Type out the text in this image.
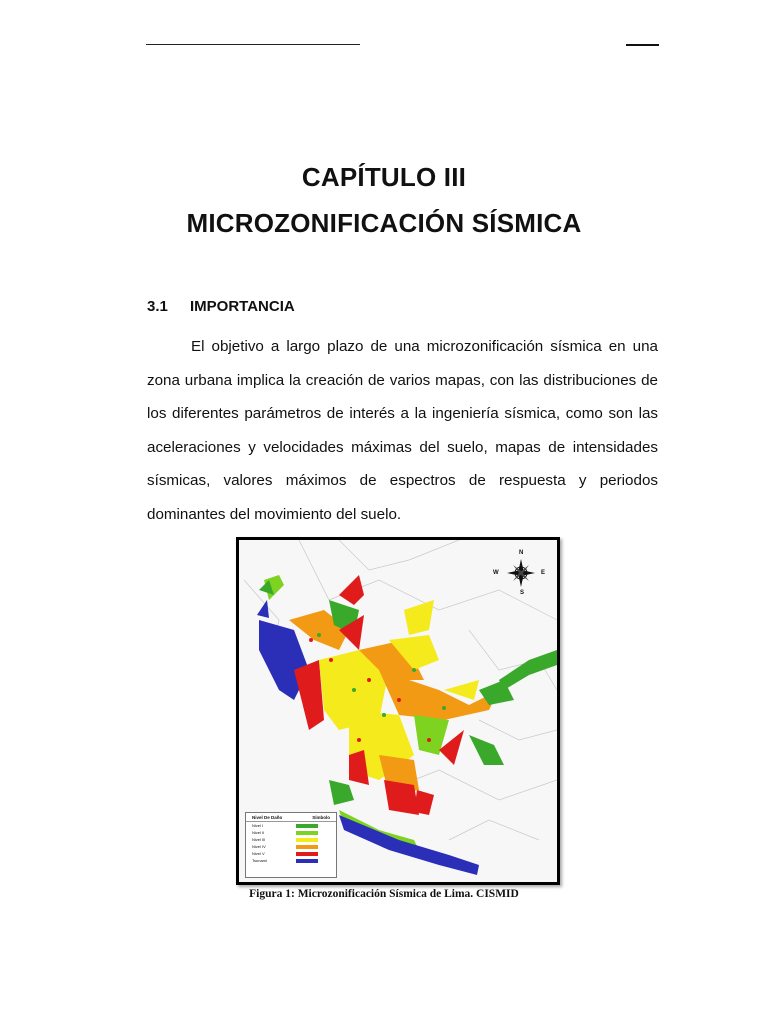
CAPÍTULO III
MICROZONIFICACIÓN SÍSMICA
3.1 IMPORTANCIA
El objetivo a largo plazo de una microzonificación sísmica en una zona urbana implica la creación de varios mapas, con las distribuciones de los diferentes parámetros de interés a la ingeniería sísmica, como son las aceleraciones y velocidades máximas del suelo, mapas de intensidades sísmicas, valores máximos de espectros de respuesta y periodos dominantes del movimiento del suelo.
N
S
E
W
Nivel De Daño	Símbolo
Nivel I
Nivel II
Nivel III
Nivel IV
Nivel V
Tsunami
Figura 1: Microzonificación Sísmica de Lima. CISMID
